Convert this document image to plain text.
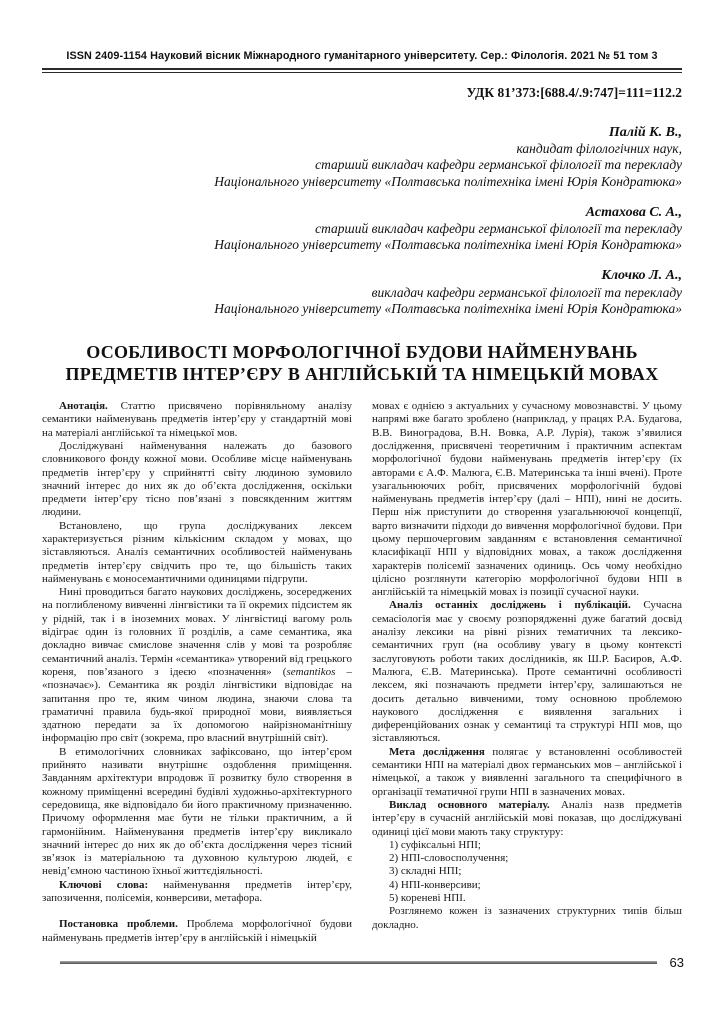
ISSN 2409-1154 Науковий вісник Міжнародного гуманітарного університету. Сер.: Філологія. 2021 № 51 том 3
УДК 81’373:[688.4/.9:747]=111=112.2
Палій К. В.,
кандидат філологічних наук,
старший викладач кафедри германської філології та перекладу
Національного університету «Полтавська політехніка імені Юрія Кондратюка»
Астахова С. А.,
старший викладач кафедри германської філології та перекладу
Національного університету «Полтавська політехніка імені Юрія Кондратюка»
Клочко Л. А.,
викладач кафедри германської філології та перекладу
Національного університету «Полтавська політехніка імені Юрія Кондратюка»
ОСОБЛИВОСТІ МОРФОЛОГІЧНОЇ БУДОВИ НАЙМЕНУВАНЬ
ПРЕДМЕТІВ ІНТЕР’ЄРУ В АНГЛІЙСЬКІЙ ТА НІМЕЦЬКІЙ МОВАХ

Анотація. Статтю присвячено порівняльному аналізу семантики найменувань предметів інтер’єру у стандартній мові на матеріалі англійської та німецької мов.

Досліджувані найменування належать до базового словникового фонду кожної мови. Особливе місце найменувань предметів інтер’єру у сприйнятті світу людиною зумовило значний інтерес до них як до об’єкта дослідження, оскільки предмети інтер’єру тісно пов’язані з повсякденним життям людини.

Встановлено, що група досліджуваних лексем характеризується різним кількісним складом у мовах, що зіставляються. Аналіз семантичних особливостей найменувань предметів інтер’єру свідчить про те, що більшість таких найменувань є моносемантичними одиницями підгрупи.

Нині проводиться багато наукових досліджень, зосереджених на поглибленому вивченні лінгвістики та її окремих підсистем як у рідній, так і в іноземних мовах. У лінгвістиці вагому роль відіграє один із головних її розділів, а саме семантика, яка докладно вивчає смислове значення слів у мові та розробляє семантичний аналіз. Термін «семантика» утворений від грецького кореня, пов’язаного з ідеєю «позначення» (semantikos – «позначає»). Семантика як розділ лінгвістики відповідає на запитання про те, яким чином людина, знаючи слова та граматичні правила будь-якої природної мови, виявляється здатною передати за їх допомогою найрізноманітнішу інформацію про світ (зокрема, про власний внутрішній світ).

В етимологічних словниках зафіксовано, що інтер’єром прийнято називати внутрішнє оздоблення приміщення. Завданням архітектури впродовж її розвитку було створення в кожному приміщенні всередині будівлі художньо-архітектурного середовища, яке відповідало би його практичному призначенню. Причому оформлення має бути не тільки практичним, а й гармонійним. Найменування предметів інтер’єру викликало значний інтерес до них як до об’єкта дослідження через тісний зв’язок із матеріальною та духовною культурою людей, є невід’ємною частиною їхньої життєдіяльності.

Ключові слова: найменування предметів інтер’єру, запозичення, полісемія, конверсиви, метафора.

Постановка проблеми. Проблема морфологічної будови найменувань предметів інтер’єру в англійській і німецькій

мовах є однією з актуальних у сучасному мовознавстві. У цьому напрямі вже багато зроблено (наприклад, у працях Р.А. Будагова, В.В. Виноградова, В.Н. Вовка, А.Р. Лурія), також з’явилися дослідження, присвячені теоретичним і практичним аспектам морфологічної будови найменувань предметів інтер’єру (їх авторами є А.Ф. Малюга, Є.В. Материнська та інші вчені). Проте узагальнюючих робіт, присвячених морфологічній будові найменувань предметів інтер’єру (далі – НПІ), нині не досить. Перш ніж приступити до створення узагальнюючої концепції, варто визначити підходи до вивчення морфологічної будови. При цьому першочерговим завданням є встановлення семантичної класифікації НПІ у відповідних мовах, а також дослідження характерів полісемії зазначених одиниць. Ось чому необхідно цілісно розглянути категорію морфологічної будови НПІ в англійській та німецькій мовах із позиції сучасної науки.

Аналіз останніх досліджень і публікацій. Сучасна семасіологія має у своєму розпорядженні дуже багатий досвід аналізу лексики на рівні різних тематичних та лексико-семантичних груп (на особливу увагу в цьому контексті заслуговують роботи таких дослідників, як Ш.Р. Басиров, А.Ф. Малюга, Є.В. Материнська). Проте семантичні особливості лексем, які позначають предмети інтер’єру, залишаються не досить детально вивченими, тому основною проблемою наукового дослідження є виявлення загальних і диференційованих ознак у семантиці та структурі НПІ мов, що зіставляються.

Мета дослідження полягає у встановленні особливостей семантики НПІ на матеріалі двох германських мов – англійської і німецької, а також у виявленні загального та специфічного в організації тематичної групи НПІ в зазначених мовах.

Виклад основного матеріалу. Аналіз назв предметів інтер’єру в сучасній англійській мові показав, що досліджувані одиниці цієї мови мають таку структуру:

1) суфіксальні НПІ;

2) НПІ-словосполучення;

3) складні НПІ;

4) НПІ-конверсиви;

5) кореневі НПІ.

Розглянемо кожен із зазначених структурних типів більш докладно.

63
